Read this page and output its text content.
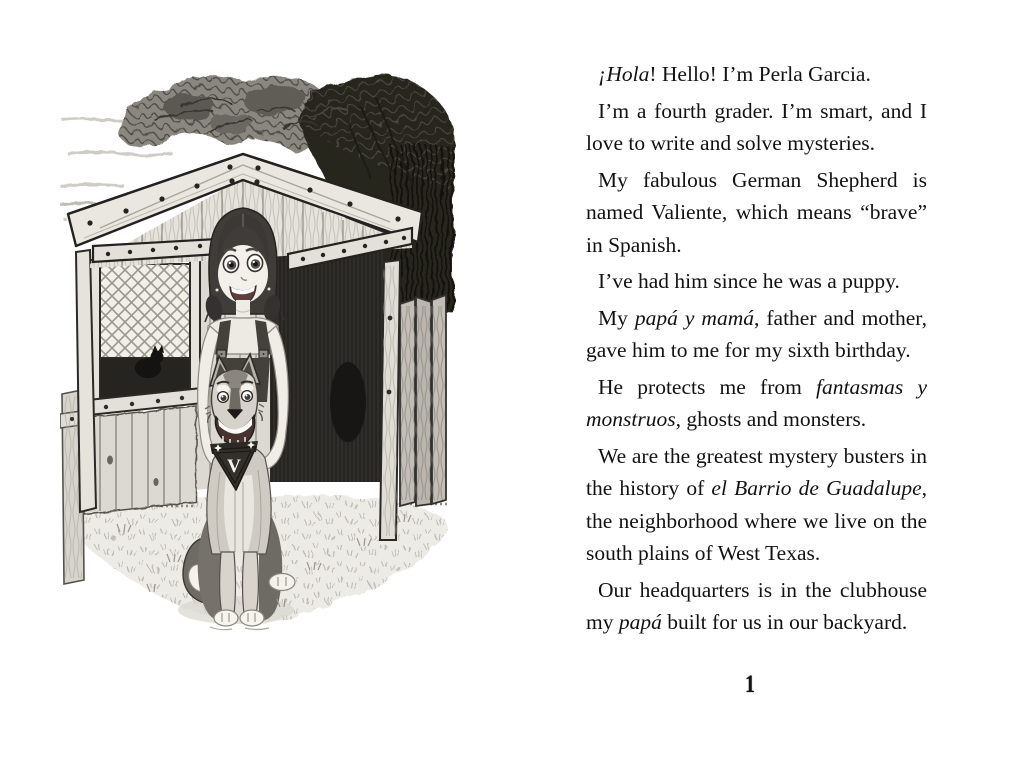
V

¡Hola! Hello! I’m Perla Garcia.

I’m a fourth grader. I’m smart, and I love to write and solve mysteries.

My fabulous German Shepherd is named Valiente, which means “brave” in Spanish.

I’ve had him since he was a puppy.

My papá y mamá, father and mother, gave him to me for my sixth birthday.

He protects me from fantasmas y monstruos, ghosts and monsters.

We are the greatest mystery busters in the history of el Barrio de Guadalupe, the neighborhood where we live on the south plains of West Texas.

Our headquarters is in the clubhouse my papá built for us in our backyard.

1
